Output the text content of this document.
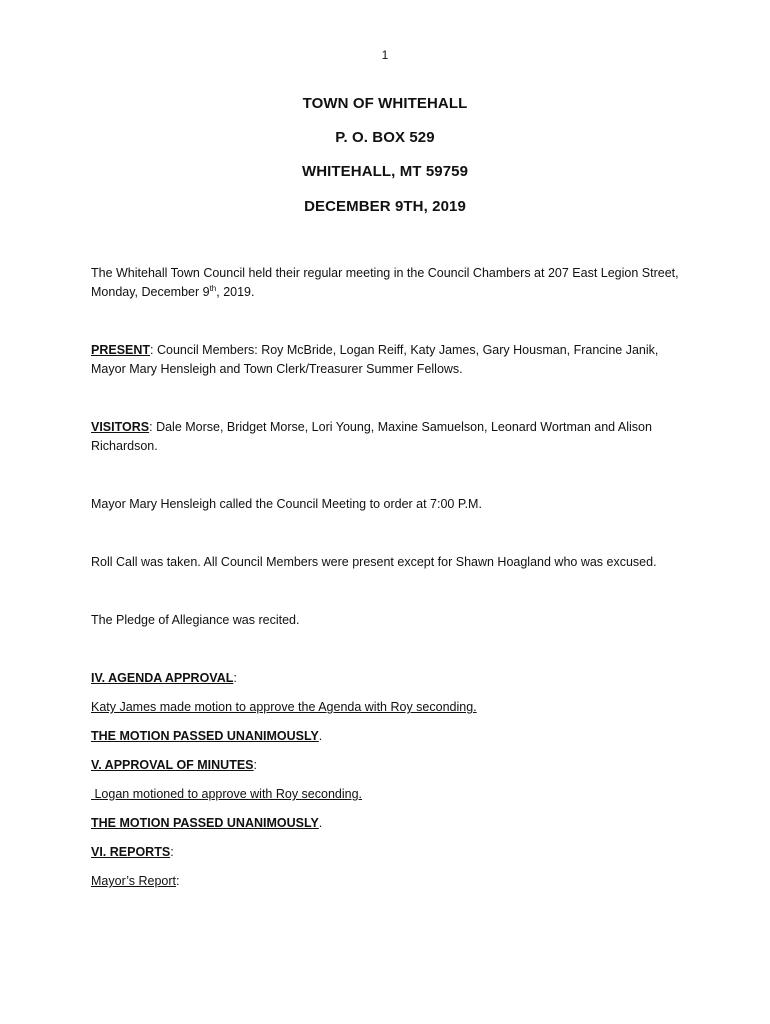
1
TOWN OF WHITEHALL
P. O. BOX 529
WHITEHALL, MT 59759
DECEMBER 9TH, 2019
The Whitehall Town Council held their regular meeting in the Council Chambers at 207 East Legion Street, Monday, December 9th, 2019.
PRESENT: Council Members: Roy McBride, Logan Reiff, Katy James, Gary Housman, Francine Janik, Mayor Mary Hensleigh and Town Clerk/Treasurer Summer Fellows.
VISITORS: Dale Morse, Bridget Morse, Lori Young, Maxine Samuelson, Leonard Wortman and Alison Richardson.
Mayor Mary Hensleigh called the Council Meeting to order at 7:00 P.M.
Roll Call was taken. All Council Members were present except for Shawn Hoagland who was excused.
The Pledge of Allegiance was recited.
IV. AGENDA APPROVAL:
Katy James made motion to approve the Agenda with Roy seconding.
THE MOTION PASSED UNANIMOUSLY.
V. APPROVAL OF MINUTES:
Logan motioned to approve with Roy seconding.
THE MOTION PASSED UNANIMOUSLY.
VI. REPORTS:
Mayor’s Report:
